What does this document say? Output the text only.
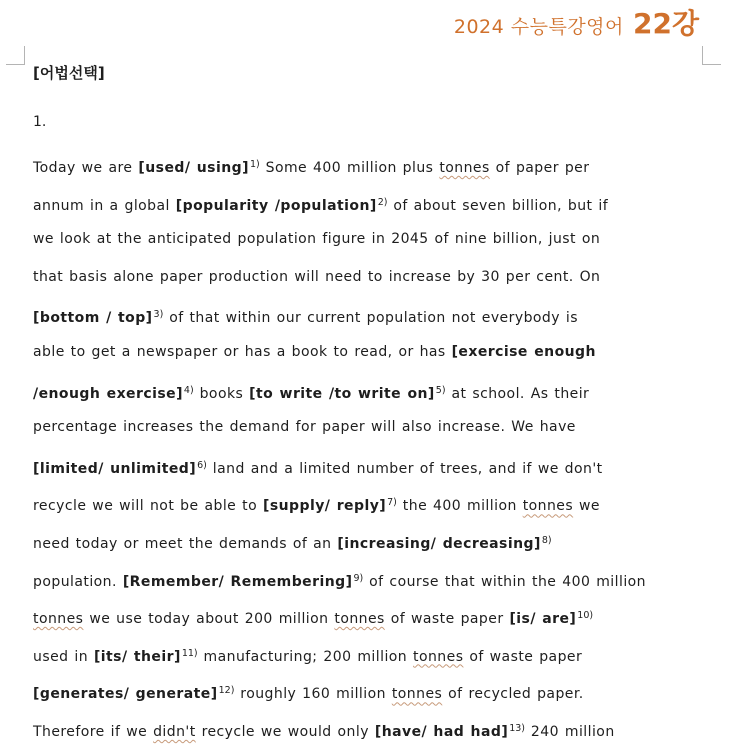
2024 수능특강영어 22강
[어법선택]
1.
Today we are [used/ using]$^{1)}$ Some 400 million plus tonnes of paper per
annum in a global [popularity /population]$^{2)}$ of about seven billion, but if
we look at the anticipated population figure in 2045 of nine billion, just on
that basis alone paper production will need to increase by 30 per cent. On
[bottom / top]$^{3)}$ of that within our current population not everybody is
able to get a newspaper or has a book to read, or has [exercise enough
/enough exercise]$^{4)}$ books [to write /to write on]$^{5)}$ at school. As their
percentage increases the demand for paper will also increase. We have
[limited/ unlimited]$^{6)}$ land and a limited number of trees, and if we don't
recycle we will not be able to [supply/ reply]$^{7)}$ the 400 million tonnes we
need today or meet the demands of an [increasing/ decreasing]$^{8)}$
population. [Remember/ Remembering]$^{9)}$ of course that within the 400 million
tonnes we use today about 200 million tonnes of waste paper [is/ are]$^{10)}$
used in [its/ their]$^{11)}$ manufacturing; 200 million tonnes of waste paper
[generates/ generate]$^{12)}$ roughly 160 million tonnes of recycled paper.
Therefore if we didn't recycle we would only [have/ had had]$^{13)}$ 240 million
